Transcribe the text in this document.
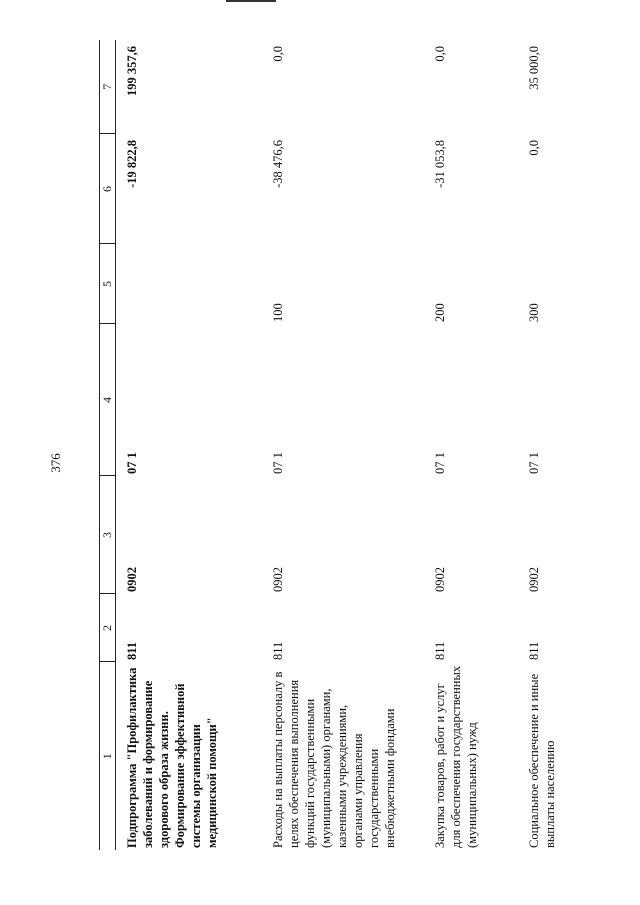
376
1	2	3	4	5	6	7
Подпрограмма "Профилактика заболеваний и формирование здорового образа жизни. Формирование эффективной системы организации медицинской помощи"	811	0902	07 1		-19 822,8	199 357,6
Расходы на выплаты персоналу в целях обеспечения выполнения функций государственными (муниципальными) органами, казенными учреждениями, органами управления государственными внебюджетными фондами	811	0902	07 1	100	-38 476,6	0,0
Закупка товаров, работ и услуг для обеспечения государственных (муниципальных) нужд	811	0902	07 1	200	-31 053,8	0,0
Социальное обеспечение и иные выплаты населению	811	0902	07 1	300	0,0	35 000,0
